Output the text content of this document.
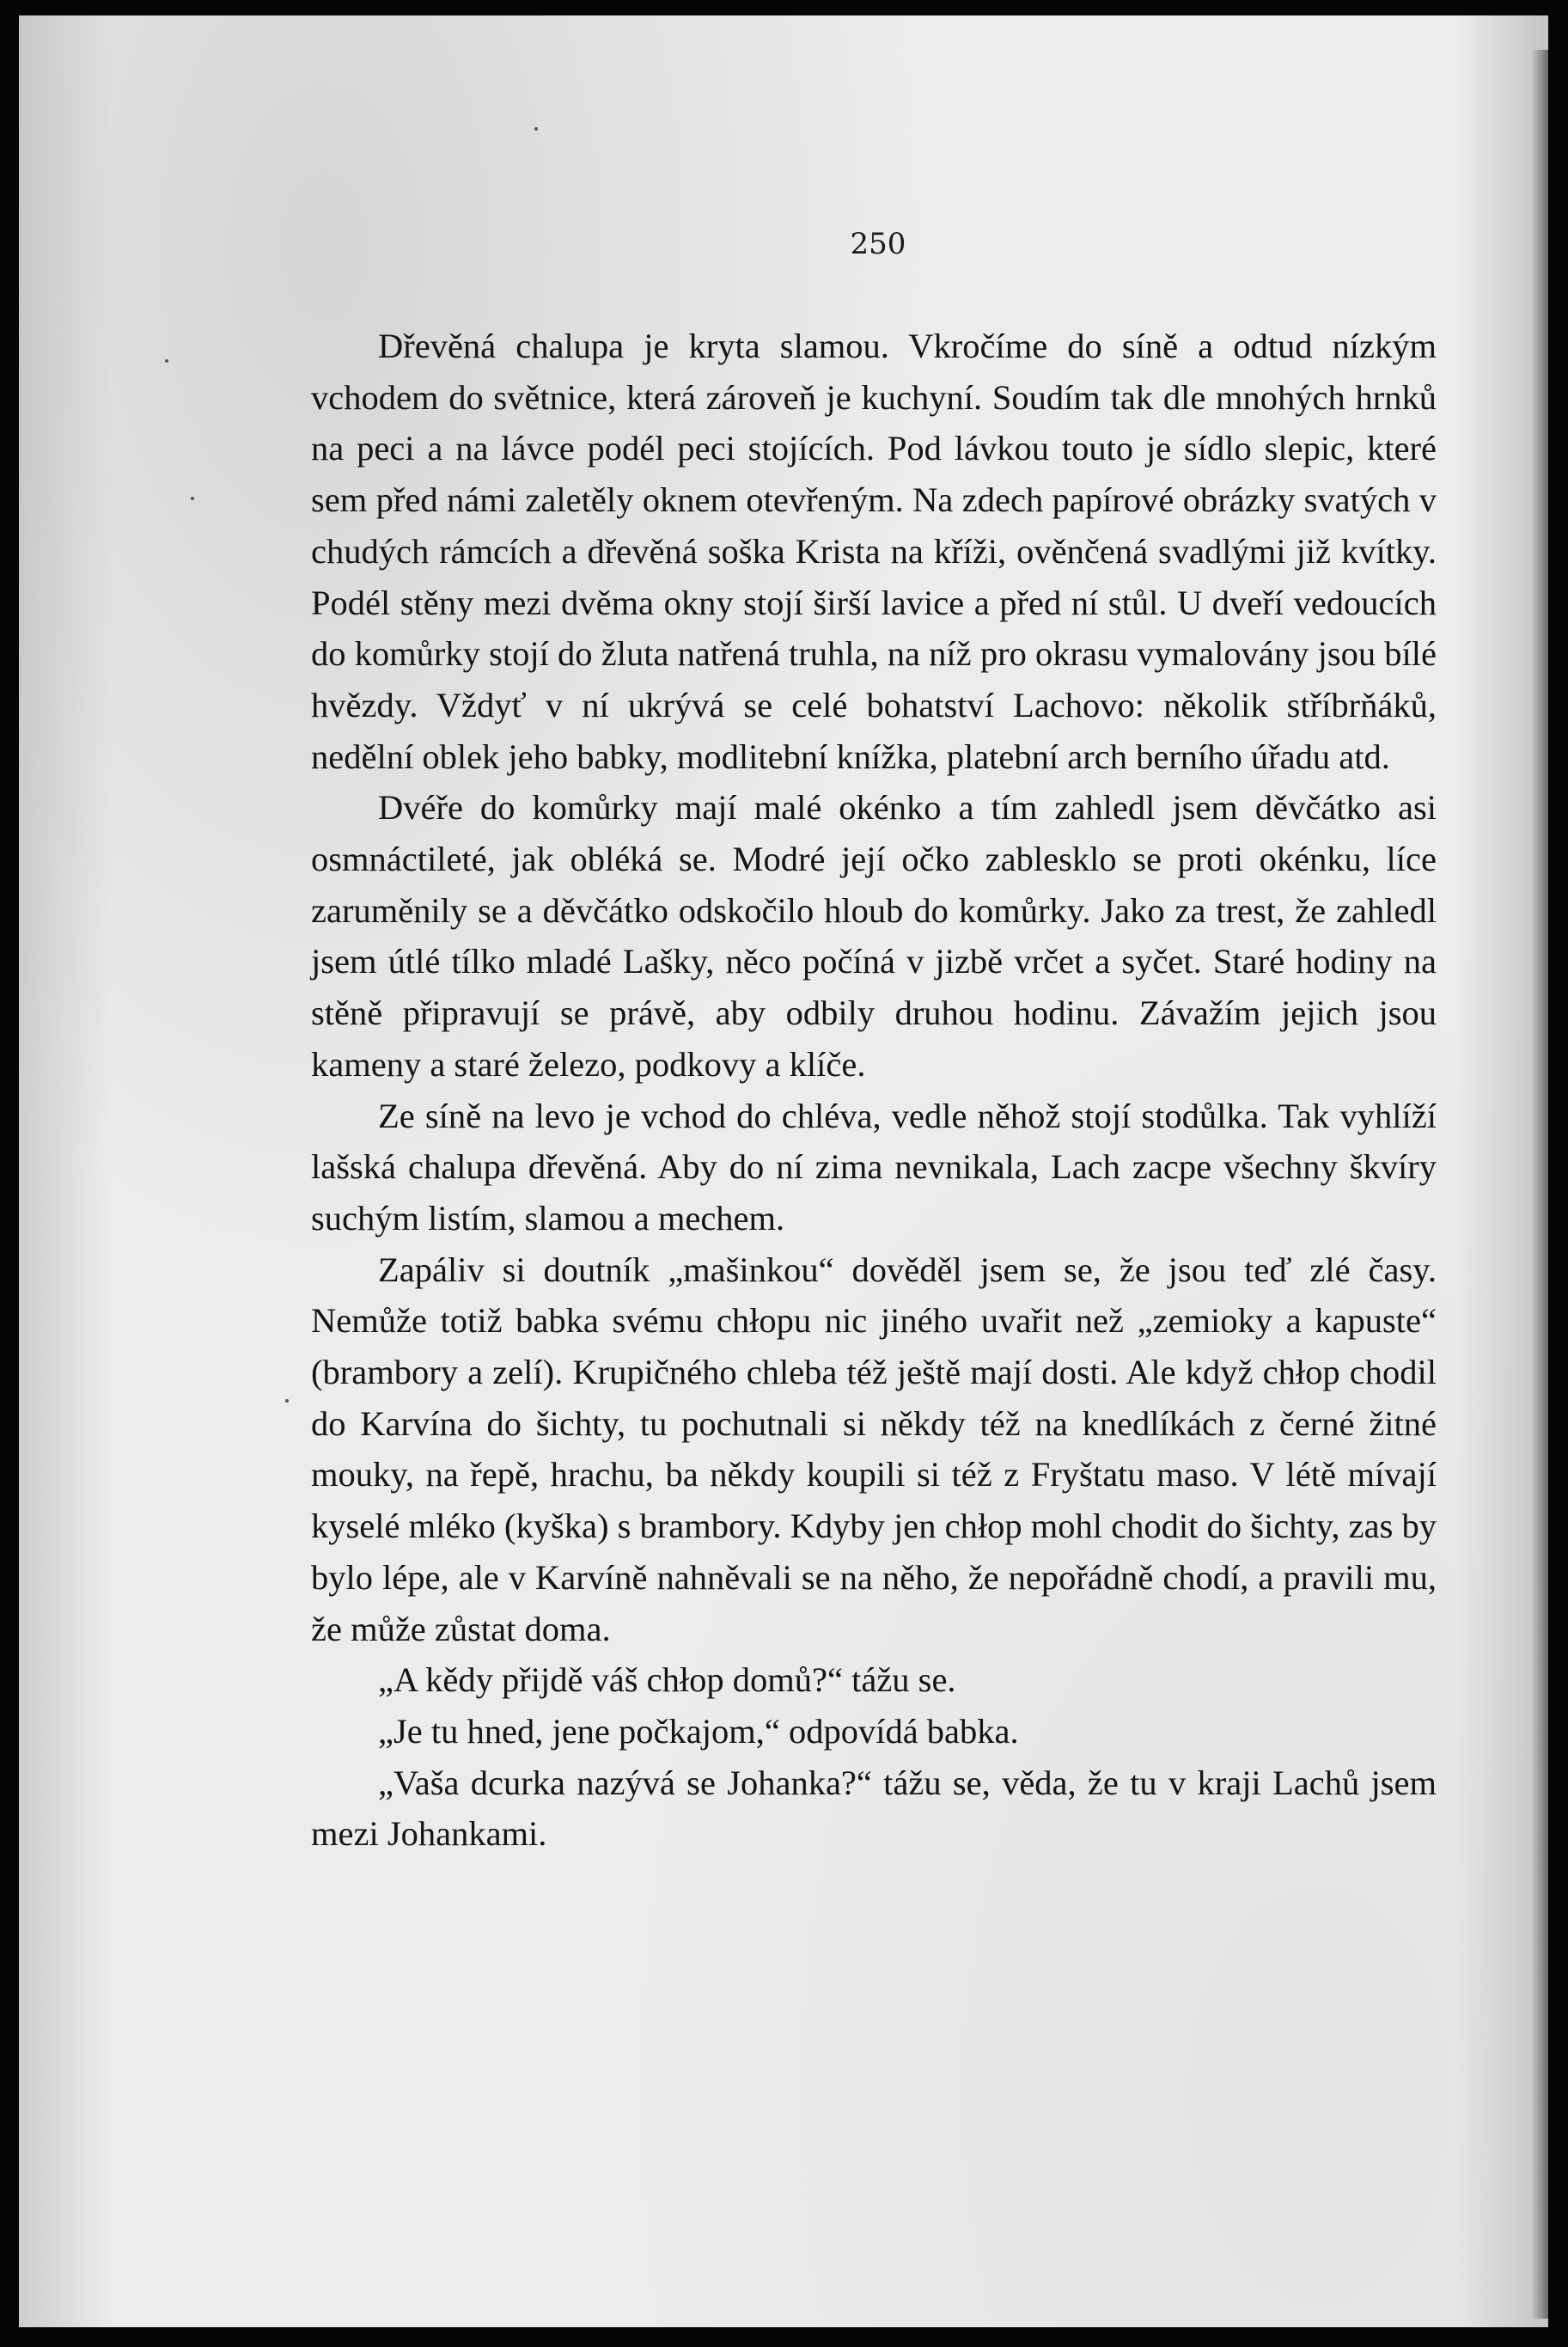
250

Dřevěná chalupa je kryta slamou. Vkročíme do síně a odtud nízkým vchodem do světnice, která zároveň je kuchyní. Soudím tak dle mnohých hrnků na peci a na lávce podél peci stojících. Pod lávkou touto je sídlo slepic, které sem před námi zaletěly oknem otevřeným. Na zdech papírové obrázky svatých v chudých rámcích a dřevěná soška Krista na kříži, ověnčená svadlými již kvítky. Podél stěny mezi dvěma okny stojí širší lavice a před ní stůl. U dveří vedoucích do komůrky stojí do žluta natřená truhla, na níž pro okrasu vymalovány jsou bílé hvězdy. Vždyť v ní ukrývá se celé bohatství Lachovo: několik stříbrňáků, nedělní oblek jeho babky, modlitební knížka, platební arch berního úřadu atd.

Dvéře do komůrky mají malé okénko a tím zahledl jsem děvčátko asi osmnáctileté, jak obléká se. Modré její očko zablesklo se proti okénku, líce zaruměnily se a děvčátko odskočilo hloub do komůrky. Jako za trest, že zahledl jsem útlé tílko mladé Lašky, něco počíná v jizbě vrčet a syčet. Staré hodiny na stěně připravují se právě, aby odbily druhou hodinu. Závažím jejich jsou kameny a staré železo, podkovy a klíče.

Ze síně na levo je vchod do chléva, vedle něhož stojí stodůlka. Tak vyhlíží lašská chalupa dřevěná. Aby do ní zima nevnikala, Lach zacpe všechny škvíry suchým listím, slamou a mechem.

Zapáliv si doutník „mašinkou“ dověděl jsem se, že jsou teď zlé časy. Nemůže totiž babka svému chłopu nic jiného uvařit než „zemioky a kapuste“ (brambory a zelí). Krupičného chleba též ještě mají dosti. Ale když chłop chodil do Karvína do šichty, tu pochutnali si někdy též na knedlíkách z černé žitné mouky, na řepě, hrachu, ba někdy koupili si též z Fryštatu maso. V létě mívají kyselé mléko (kyška) s brambory. Kdyby jen chłop mohl chodit do šichty, zas by bylo lépe, ale v Karvíně nahněvali se na něho, že nepořádně chodí, a pravili mu, že může zůstat doma.

„A kědy přijdě váš chłop domů?“ tážu se.

„Je tu hned, jene počkajom,“ odpovídá babka.

„Vaša dcurka nazývá se Johanka?“ tážu se, věda, že tu v kraji Lachů jsem mezi Johankami.
